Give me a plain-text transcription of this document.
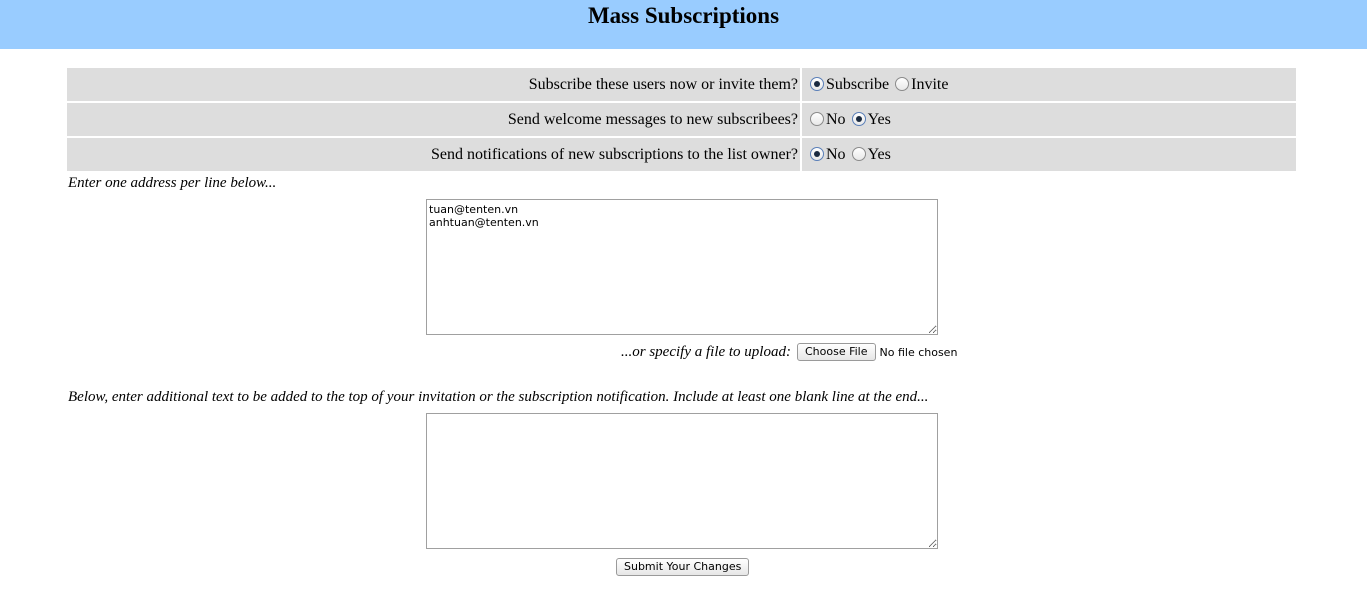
Mass Subscriptions
Subscribe these users now or invite them?		Subscribe Invite
Send welcome messages to new subscribees?		No Yes
Send notifications of new subscriptions to the list owner?		No Yes
Enter one address per line below...
tuan@tenten.vn anhtuan@tenten.vn
...or specify a file to upload:	Choose File	No file chosen
Below, enter additional text to be added to the top of your invitation or the subscription notification. Include at least one blank line at the end...
Submit Your Changes
